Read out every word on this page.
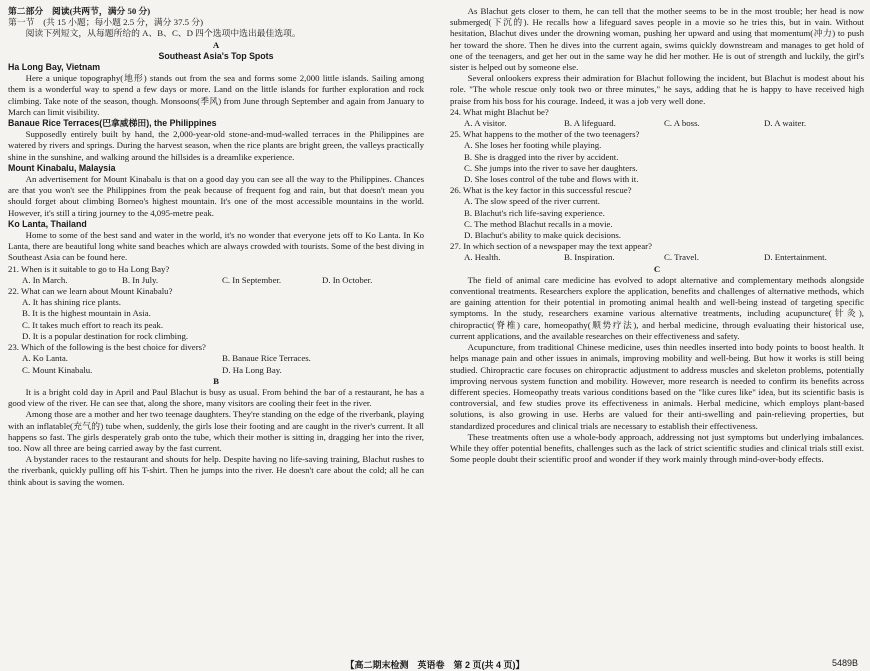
第二部分　阅读(共两节，满分 50 分)

第一节　(共 15 小题；每小题 2.5 分，满分 37.5 分)

阅读下列短文，从每题所给的 A、B、C、D 四个选项中选出最佳选项。

A

Southeast Asia's Top Spots

Ha Long Bay, Vietnam

Here a unique topography(地形) stands out from the sea and forms some 2,000 little islands. Sailing among them is a wonderful way to spend a few days or more. Land on the little islands for further exploration and rock climbing. Take note of the season, though. Monsoons(季风) from June through September and again from January to March can limit visibility.

Banaue Rice Terraces(巴拿威梯田), the Philippines

Supposedly entirely built by hand, the 2,000-year-old stone-and-mud-walled terraces in the Philippines are watered by rivers and springs. During the harvest season, when the rice plants are bright green, the valleys practically shine in the sunshine, and walking around the hillsides is a dreamlike experience.

Mount Kinabalu, Malaysia

An advertisement for Mount Kinabalu is that on a good day you can see all the way to the Philippines. Chances are that you won't see the Philippines from the peak because of frequent fog and rain, but that doesn't mean you should forget about climbing Borneo's highest mountain. It's one of the most accessible mountains in the world. However, it's still a tiring journey to the 4,095-metre peak.

Ko Lanta, Thailand

Home to some of the best sand and water in the world, it's no wonder that everyone jets off to Ko Lanta. In Ko Lanta, there are beautiful long white sand beaches which are always crowded with tourists. Some of the best diving in Southeast Asia can be found here.

21. When is it suitable to go to Ha Long Bay?

A. In March.	B. In July.	C. In September.	D. In October.

22. What can we learn about Mount Kinabalu?

A. It has shining rice plants.
B. It is the highest mountain in Asia.
C. It takes much effort to reach its peak.
D. It is a popular destination for rock climbing.

23. Which of the following is the best choice for divers?

A. Ko Lanta.	B. Banaue Rice Terraces.
C. Mount Kinabalu.	D. Ha Long Bay.

B

It is a bright cold day in April and Paul Blachut is busy as usual. From behind the bar of a restaurant, he has a good view of the river. He can see that, along the shore, many visitors are cooling their feet in the river.

Among those are a mother and her two teenage daughters. They're standing on the edge of the riverbank, playing with an inflatable(充气的) tube when, suddenly, the girls lose their footing and are caught in the river's current. It all happens so fast. The girls desperately grab onto the tube, which their mother is sitting in, dragging her into the river, too. Now all three are being carried away by the fast current.

A bystander races to the restaurant and shouts for help. Despite having no life-saving training, Blachut rushes to the riverbank, quickly pulling off his T-shirt. Then he jumps into the river. He doesn't care about the cold; all he can think about is saving the women.

As Blachut gets closer to them, he can tell that the mother seems to be in the most trouble; her head is now submerged(下沉的). He recalls how a lifeguard saves people in a movie so he tries this, but in vain. Without hesitation, Blachut dives under the drowning woman, pushing her upward and using that momentum(冲力) to push her toward the shore. Then he dives into the current again, swims quickly downstream and manages to get hold of one of the teenagers, and get her out in the same way he did her mother. He is out of strength and luckily, the girl's sister is helped out by someone else.

Several onlookers express their admiration for Blachut following the incident, but Blachut is modest about his role. "The whole rescue only took two or three minutes," he says, adding that he is happy to have received high praise from his boss for his courage. Indeed, it was a job very well done.

24. What might Blachut be?

A. A visitor.	B. A lifeguard.	C. A boss.	D. A waiter.

25. What happens to the mother of the two teenagers?

A. She loses her footing while playing.
B. She is dragged into the river by accident.
C. She jumps into the river to save her daughters.
D. She loses control of the tube and flows with it.

26. What is the key factor in this successful rescue?

A. The slow speed of the river current.
B. Blachut's rich life-saving experience.
C. The method Blachut recalls in a movie.
D. Blachut's ability to make quick decisions.

27. In which section of a newspaper may the text appear?

A. Health.	B. Inspiration.	C. Travel.	D. Entertainment.

C

The field of animal care medicine has evolved to adopt alternative and complementary methods alongside conventional treatments. Researchers explore the application, benefits and challenges of alternative methods, which are gaining attention for their potential in promoting animal health and well-being instead of targeting specific symptoms. In the study, researchers examine various alternative treatments, including acupuncture(针灸), chiropractic(脊椎) care, homeopathy(顺势疗法), and herbal medicine, through evaluating their historical use, current applications, and the available researches on their effectiveness and safety.

Acupuncture, from traditional Chinese medicine, uses thin needles inserted into body points to boost health. It helps manage pain and other issues in animals, improving mobility and well-being. But how it works is still being studied. Chiropractic care focuses on chiropractic adjustment to address muscles and skeleton problems, potentially improving nervous system function and mobility. However, more research is needed to confirm its benefits across different species. Homeopathy treats various conditions based on the "like cures like" idea, but its scientific basis is controversial, and few studies prove its effectiveness in animals. Herbal medicine, which employs plant-based solutions, is also growing in use. Herbs are valued for their anti-swelling and pain-relieving properties, but standardized procedures and clinical trials are necessary to establish their effectiveness.

These treatments often use a whole-body approach, addressing not just symptoms but underlying imbalances. While they offer potential benefits, challenges such as the lack of strict scientific studies and clinical trials still exist. Some people doubt their scientific proof and wonder if they work mainly through mind-over-body effects.

【高二期末检测　英语卷　第 2 页(共 4 页)】	5489B
